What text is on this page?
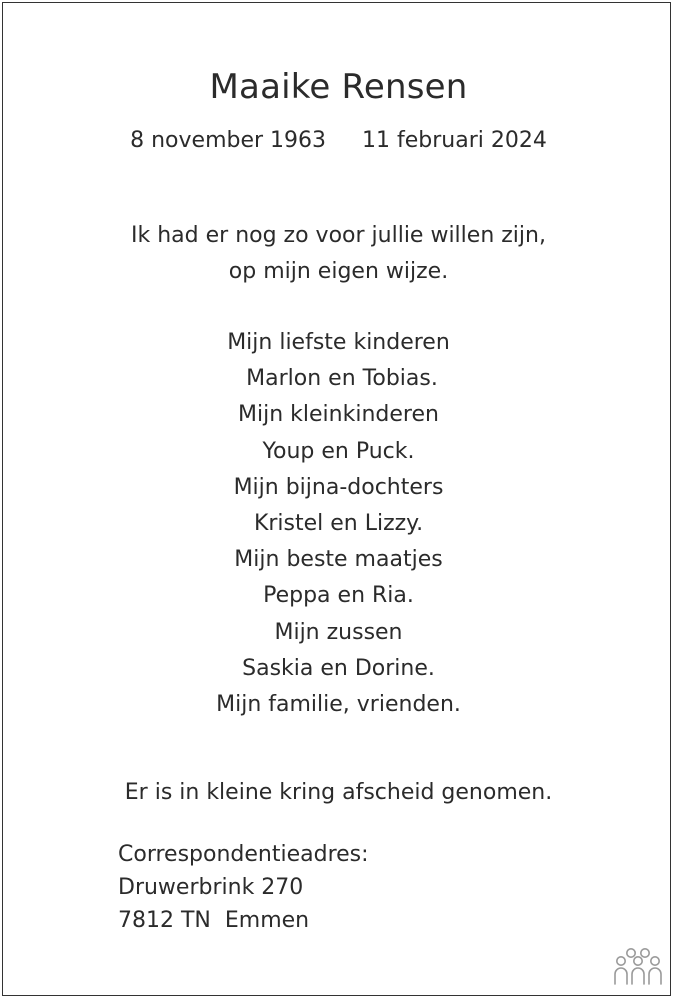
Maaike Rensen
8 november 1963 11 februari 2024
Ik had er nog zo voor jullie willen zijn,
op mijn eigen wijze.
Mijn liefste kinderen
Marlon en Tobias.
Mijn kleinkinderen
Youp en Puck.
Mijn bijna-dochters
Kristel en Lizzy.
Mijn beste maatjes
Peppa en Ria.
Mijn zussen
Saskia en Dorine.
Mijn familie, vrienden.
Er is in kleine kring afscheid genomen.
Correspondentieadres:
Druwerbrink 270
7812 TN  Emmen
